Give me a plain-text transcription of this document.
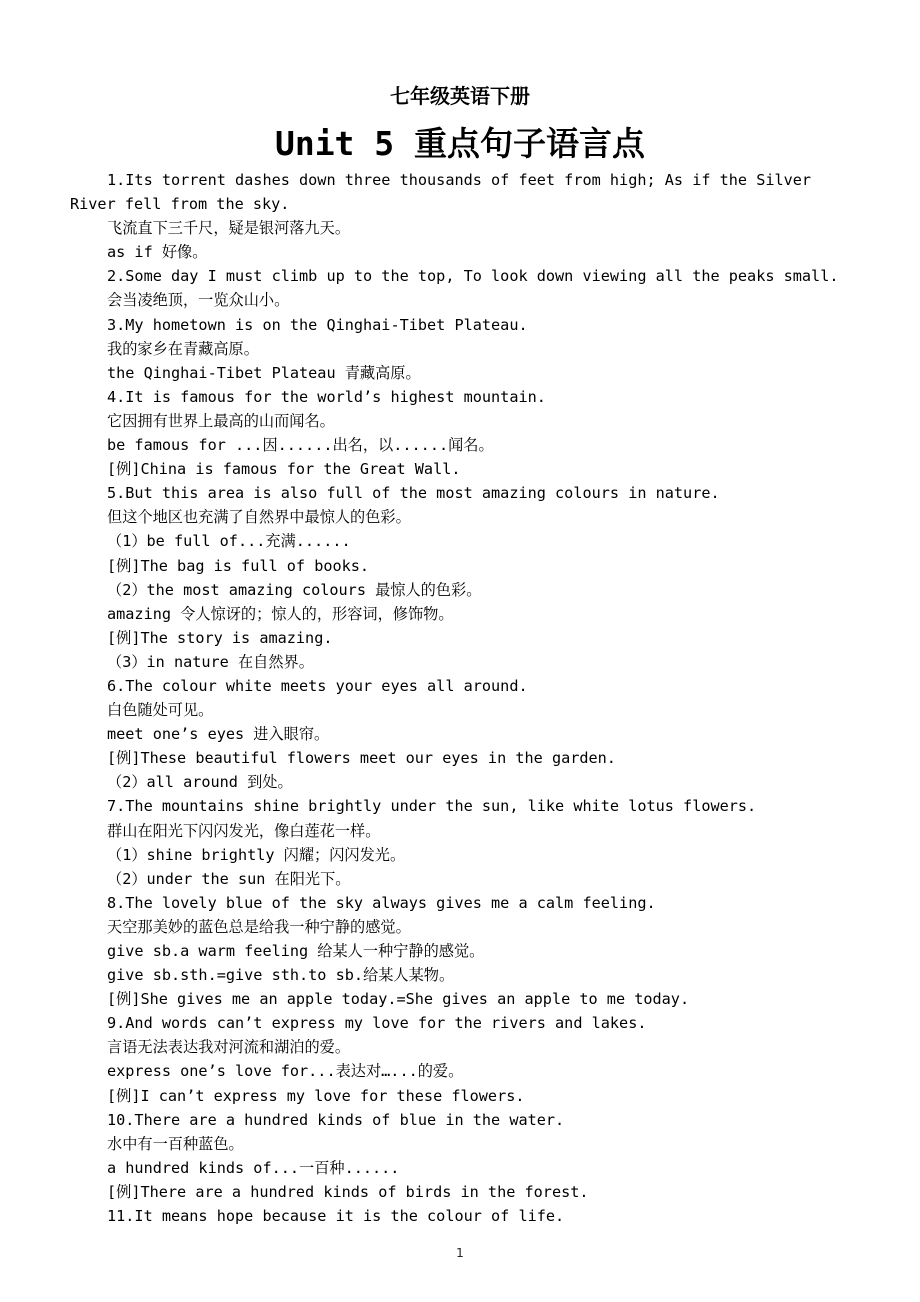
七年级英语下册
Unit 5 重点句子语言点
1.Its torrent dashes down three thousands of feet from high; As if the Silver River fell from the sky.
飞流直下三千尺，疑是银河落九天。
as if 好像。
2.Some day I must climb up to the top, To look down viewing all the peaks small.
会当凌绝顶，一览众山小。
3.My hometown is on the Qinghai-Tibet Plateau.
我的家乡在青藏高原。
the Qinghai-Tibet Plateau 青藏高原。
4.It is famous for the world’s highest mountain.
它因拥有世界上最高的山而闻名。
be famous for ...因......出名，以......闻名。
[例]China is famous for the Great Wall.
5.But this area is also full of the most amazing colours in nature.
但这个地区也充满了自然界中最惊人的色彩。
（1）be full of...充满......
[例]The bag is full of books.
（2）the most amazing colours 最惊人的色彩。
amazing 令人惊讶的；惊人的，形容词，修饰物。
[例]The story is amazing.
（3）in nature 在自然界。
6.The colour white meets your eyes all around.
白色随处可见。
meet one’s eyes 进入眼帘。
[例]These beautiful flowers meet our eyes in the garden.
（2）all around 到处。
7.The mountains shine brightly under the sun, like white lotus flowers.
群山在阳光下闪闪发光，像白莲花一样。
（1）shine brightly 闪耀；闪闪发光。
（2）under the sun 在阳光下。
8.The lovely blue of the sky always gives me a calm feeling.
天空那美妙的蓝色总是给我一种宁静的感觉。
give sb.a warm feeling 给某人一种宁静的感觉。
give sb.sth.=give sth.to sb.给某人某物。
[例]She gives me an apple today.=She gives an apple to me today.
9.And words can’t express my love for the rivers and lakes.
言语无法表达我对河流和湖泊的爱。
express one’s love for...表达对…...的爱。
[例]I can’t express my love for these flowers.
10.There are a hundred kinds of blue in the water.
水中有一百种蓝色。
a hundred kinds of...一百种......
[例]There are a hundred kinds of birds in the forest.
11.It means hope because it is the colour of life.
1
